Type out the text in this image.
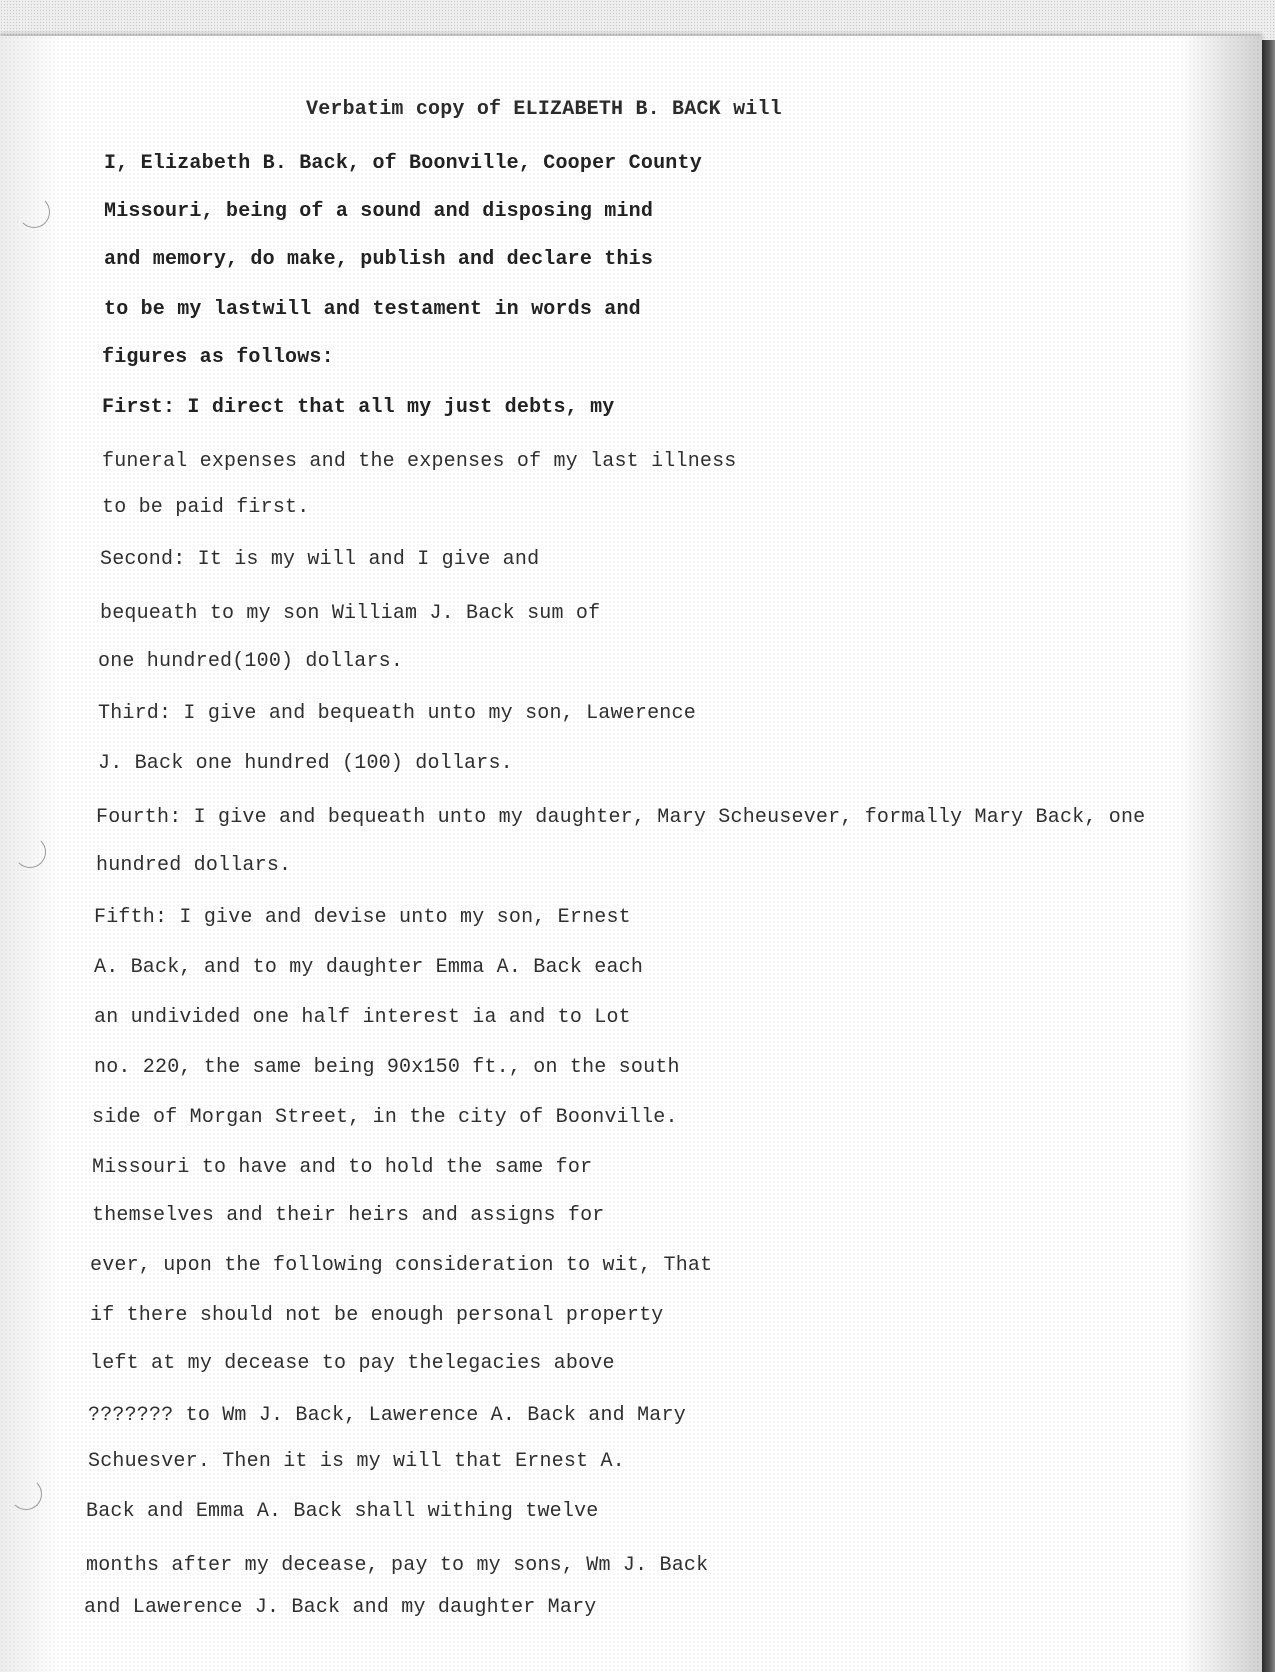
Verbatim copy of ELIZABETH B. BACK will

I, Elizabeth B. Back, of Boonville, Cooper County

Missouri, being of a sound and disposing mind

and memory, do make, publish and declare this

to be my lastwill and testament in words and

figures as follows:

First: I direct that all my just debts, my

funeral expenses and the expenses of my last illness

to be paid first.

Second: It is my will and I give and

bequeath to my son William J. Back sum of

one hundred(100) dollars.

Third: I give and bequeath unto my son, Lawerence

J. Back one hundred (100) dollars.

Fourth: I give and bequeath unto my daughter, Mary Scheusever, formally Mary Back, one

hundred dollars.

Fifth: I give and devise unto my son, Ernest

A. Back, and to my daughter Emma A. Back each

an undivided one half interest ia and to Lot

no. 220, the same being 90x150 ft., on the south

side of Morgan Street, in the city of Boonville.

Missouri to have and to hold the same for

themselves and their heirs and assigns for

ever, upon the following consideration to wit, That

if there should not be enough personal property

left at my decease to pay thelegacies above

??????? to Wm J. Back, Lawerence A. Back and Mary

Schuesver. Then it is my will that Ernest A.

Back and Emma A. Back shall withing twelve

months after my decease, pay to my sons, Wm J. Back

and Lawerence J. Back and my daughter Mary
